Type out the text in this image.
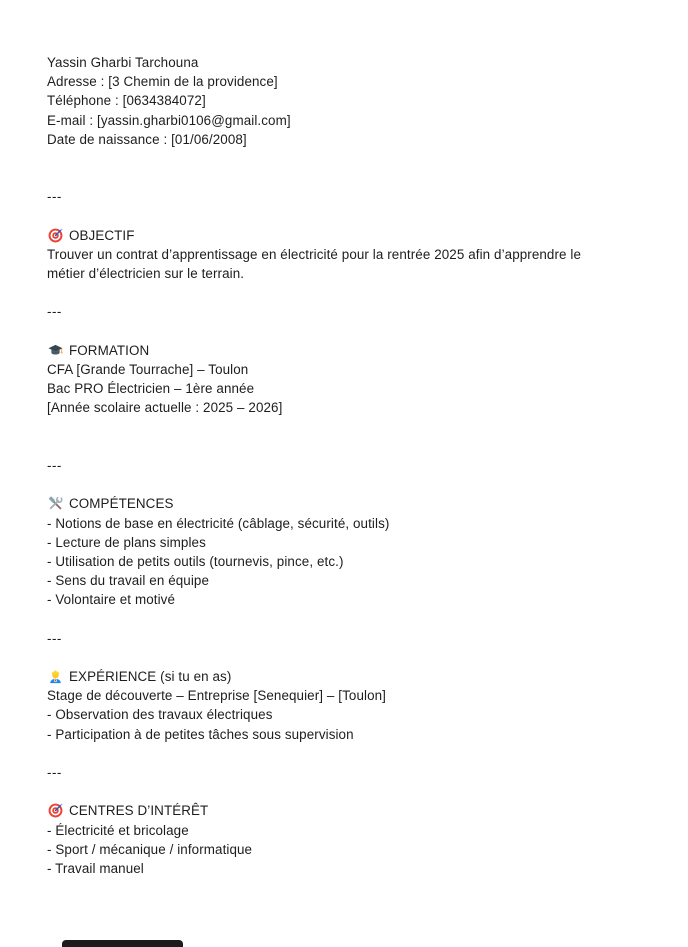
Yassin Gharbi Tarchouna
Adresse : [3 Chemin de la providence]
Téléphone : [0634384072]
E-mail : [yassin.gharbi0106@gmail.com]
Date de naissance : [01/06/2008]

---

OBJECTIF
Trouver un contrat d’apprentissage en électricité pour la rentrée 2025 afin d’apprendre le
métier d’électricien sur le terrain.

---

FORMATION
CFA [Grande Tourrache] – Toulon
Bac PRO Électricien – 1ère année
[Année scolaire actuelle : 2025 – 2026]

---

COMPÉTENCES
- Notions de base en électricité (câblage, sécurité, outils)
- Lecture de plans simples
- Utilisation de petits outils (tournevis, pince, etc.)
- Sens du travail en équipe
- Volontaire et motivé

---

EXPÉRIENCE (si tu en as)
Stage de découverte – Entreprise [Senequier] – [Toulon]
- Observation des travaux électriques
- Participation à de petites tâches sous supervision

---

CENTRES D’INTÉRÊT
- Électricité et bricolage
- Sport / mécanique / informatique
- Travail manuel
